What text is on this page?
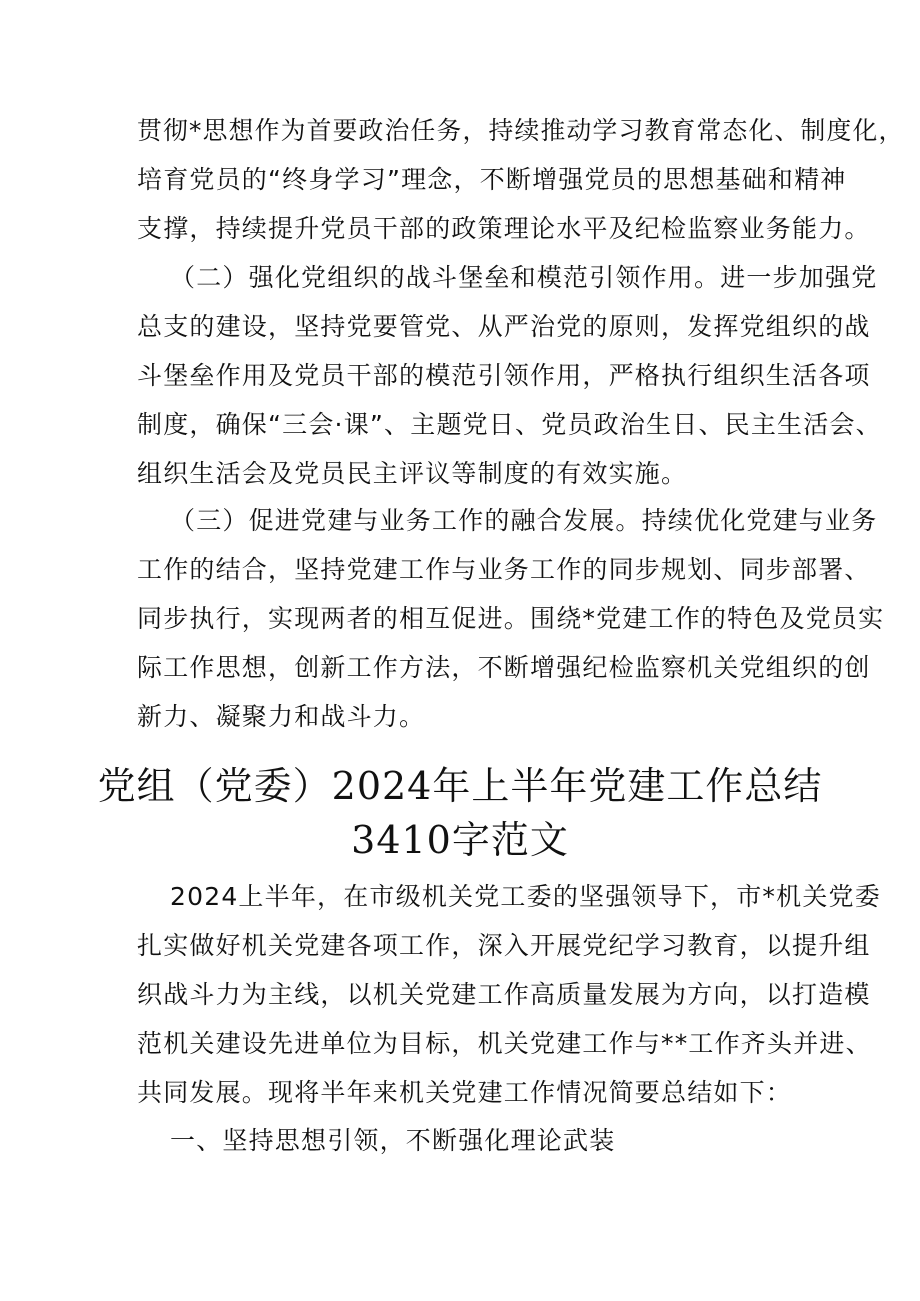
贯彻*思想作为首要政治任务，持续推动学习教育常态化、制度化，
培育党员的“终身学习”理念，不断增强党员的思想基础和精神
支撑，持续提升党员干部的政策理论水平及纪检监察业务能力。
（二）强化党组织的战斗堡垒和模范引领作用。进一步加强党
总支的建设，坚持党要管党、从严治党的原则，发挥党组织的战
斗堡垒作用及党员干部的模范引领作用，严格执行组织生活各项
制度，确保“三会·课”、主题党日、党员政治生日、民主生活会、
组织生活会及党员民主评议等制度的有效实施。
（三）促进党建与业务工作的融合发展。持续优化党建与业务
工作的结合，坚持党建工作与业务工作的同步规划、同步部署、
同步执行，实现两者的相互促进。围绕*党建工作的特色及党员实
际工作思想，创新工作方法，不断增强纪检监察机关党组织的创
新力、凝聚力和战斗力。
党组（党委）2024年上半年党建工作总结
3410字范文
2024上半年，在市级机关党工委的坚强领导下，市*机关党委
扎实做好机关党建各项工作，深入开展党纪学习教育，以提升组
织战斗力为主线，以机关党建工作高质量发展为方向，以打造模
范机关建设先进单位为目标，机关党建工作与**工作齐头并进、
共同发展。现将半年来机关党建工作情况简要总结如下：
一、坚持思想引领，不断强化理论武装
